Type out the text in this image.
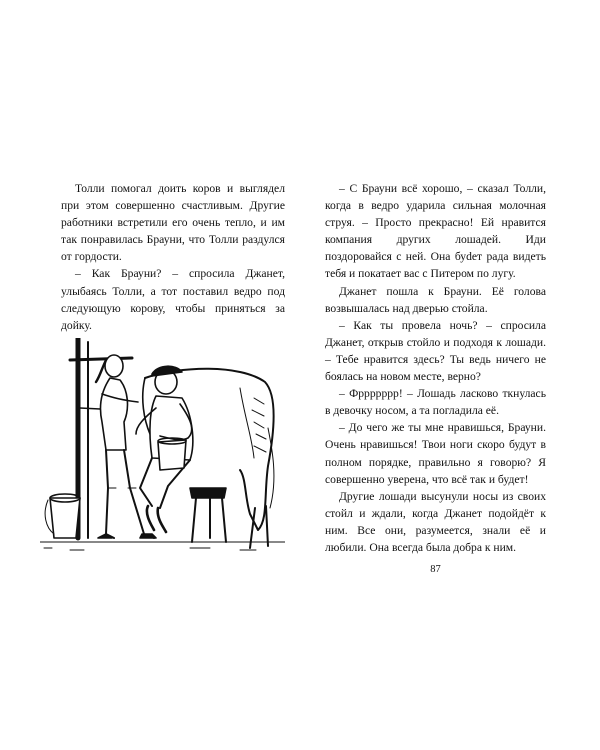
Толли помогал доить коров и выглядел при этом совершенно счастливым. Другие работники встретили его очень тепло, и им так понравилась Брауни, что Толли раздулся от гордости.

– Как Брауни? – спросила Джанет, улыбаясь Толли, а тот поставил ведро под следующую корову, чтобы приняться за дойку.

– С Брауни всё хорошо, – сказал Толли, когда в ведро ударила сильная молочная струя. – Просто прекрасно! Ей нравится компания других лошадей. Иди поздоровайся с ней. Она буdет рада видеть тебя и покатает вас с Питером по лугу.

Джанет пошла к Брауни. Её голова возвышалась над дверью стойла.

– Как ты провела ночь? – спросила Джанет, открыв стойло и подходя к лошади. – Тебе нравится здесь? Ты ведь ничего не боялась на новом месте, верно?

– Фррррррр! – Лошадь ласково ткнулась в девочку носом, а та погладила её.

– До чего же ты мне нравишься, Брауни. Очень нравишься! Твои ноги скоро будут в полном порядке, правильно я говорю? Я совершенно уверена, что всё так и будет!

Другие лошади высунули носы из своих стойл и ждали, когда Джанет подойдёт к ним. Все они, разумеется, знали её и любили. Она всегда была добра к ним.

87
